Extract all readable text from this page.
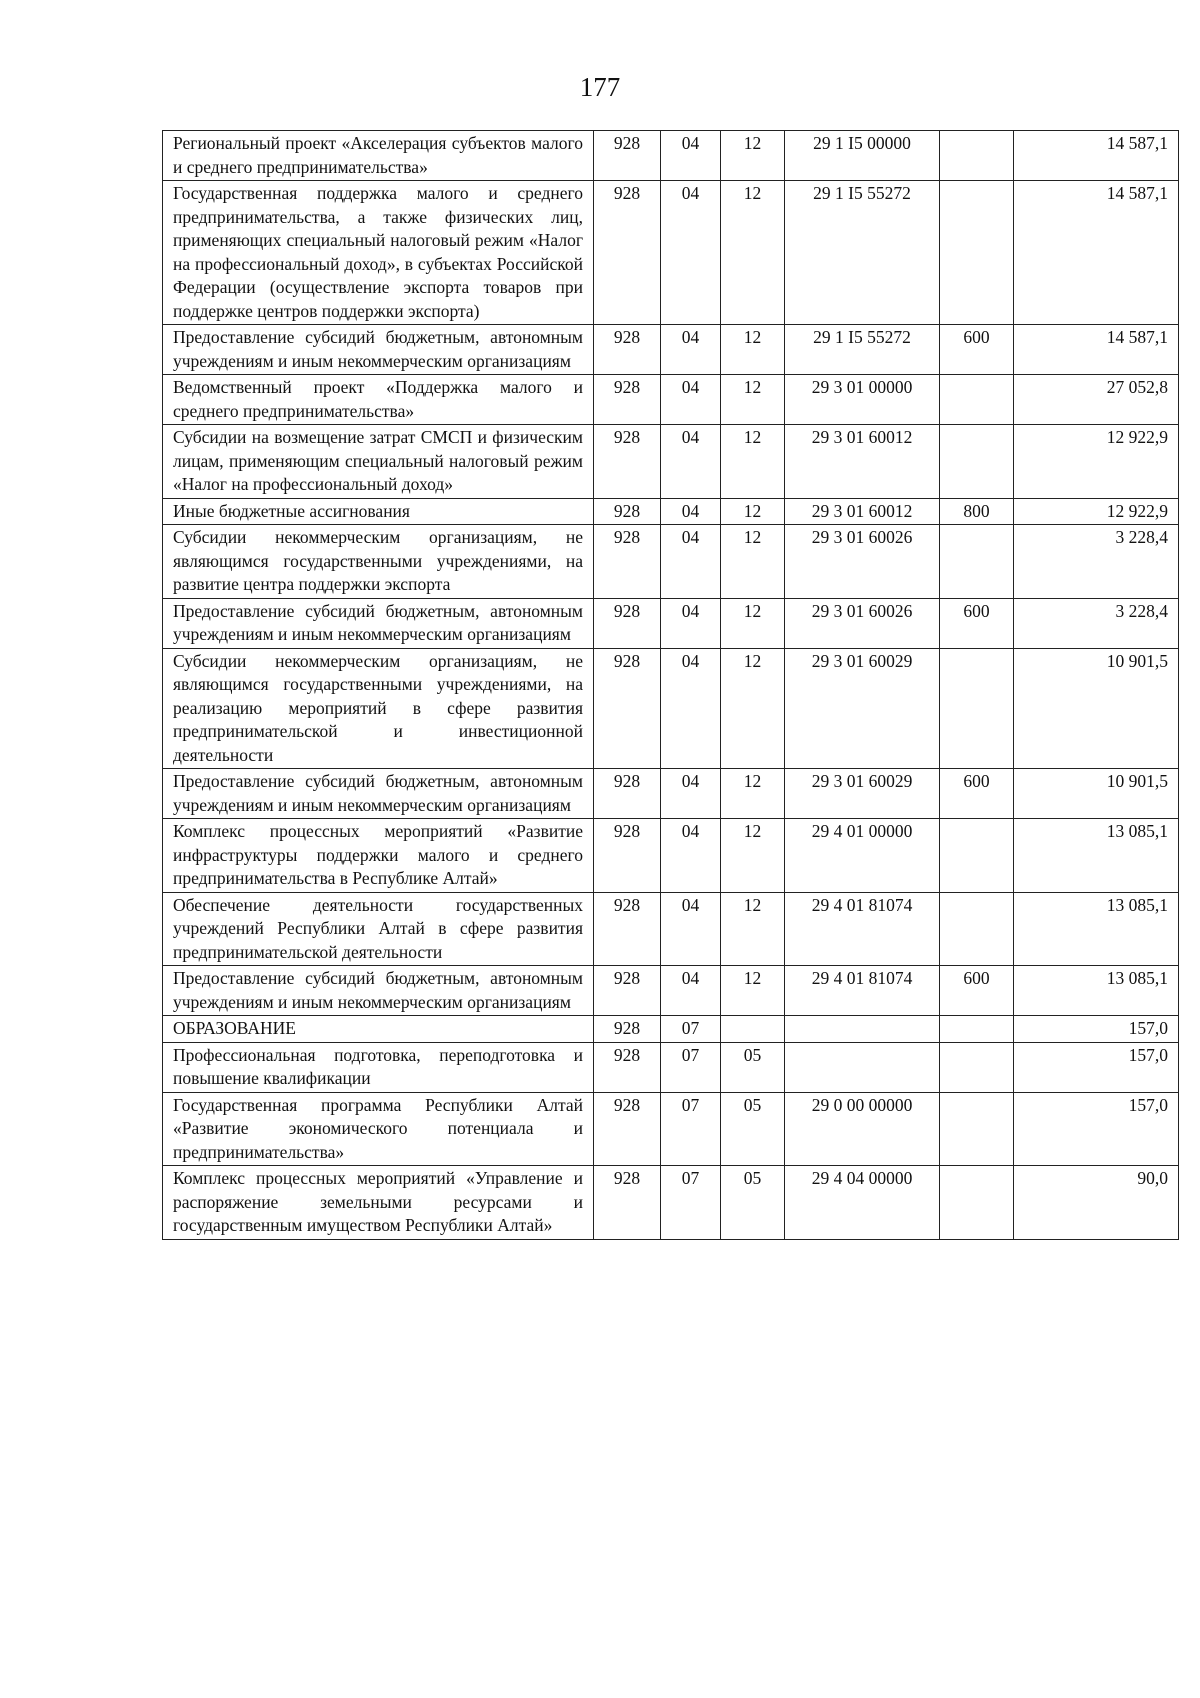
177
Региональный проект «Акселерация субъектов малого и среднего предпринимательства»	928	04	12	29 1 I5 00000		14 587,1
Государственная поддержка малого и среднего предпринимательства, а также физических лиц, применяющих специальный налоговый режим «Налог на профессиональный доход», в субъектах Российской Федерации (осуществление экспорта товаров при поддержке центров поддержки экспорта)	928	04	12	29 1 I5 55272		14 587,1
Предоставление субсидий бюджетным, автономным учреждениям и иным некоммерческим организациям	928	04	12	29 1 I5 55272	600	14 587,1
Ведомственный проект «Поддержка малого и среднего предпринимательства»	928	04	12	29 3 01 00000		27 052,8
Субсидии на возмещение затрат СМСП и физическим лицам, применяющим специальный налоговый режим «Налог на профессиональный доход»	928	04	12	29 3 01 60012		12 922,9
Иные бюджетные ассигнования	928	04	12	29 3 01 60012	800	12 922,9
Субсидии некоммерческим организациям, не являющимся государственными учреждениями, на развитие центра поддержки экспорта	928	04	12	29 3 01 60026		3 228,4
Предоставление субсидий бюджетным, автономным учреждениям и иным некоммерческим организациям	928	04	12	29 3 01 60026	600	3 228,4
Субсидии некоммерческим организациям, не являющимся государственными учреждениями, на реализацию мероприятий в сфере развития предпринимательской и инвестиционной деятельности	928	04	12	29 3 01 60029		10 901,5
Предоставление субсидий бюджетным, автономным учреждениям и иным некоммерческим организациям	928	04	12	29 3 01 60029	600	10 901,5
Комплекс процессных мероприятий «Развитие инфраструктуры поддержки малого и среднего предпринимательства в Республике Алтай»	928	04	12	29 4 01 00000		13 085,1
Обеспечение деятельности государственных учреждений Республики Алтай в сфере развития предпринимательской деятельности	928	04	12	29 4 01 81074		13 085,1
Предоставление субсидий бюджетным, автономным учреждениям и иным некоммерческим организациям	928	04	12	29 4 01 81074	600	13 085,1
ОБРАЗОВАНИЕ	928	07				157,0
Профессиональная подготовка, переподготовка и повышение квалификации	928	07	05			157,0
Государственная программа Республики Алтай «Развитие экономического потенциала и предпринимательства»	928	07	05	29 0 00 00000		157,0
Комплекс процессных мероприятий «Управление и распоряжение земельными ресурсами и государственным имуществом Республики Алтай»	928	07	05	29 4 04 00000		90,0
